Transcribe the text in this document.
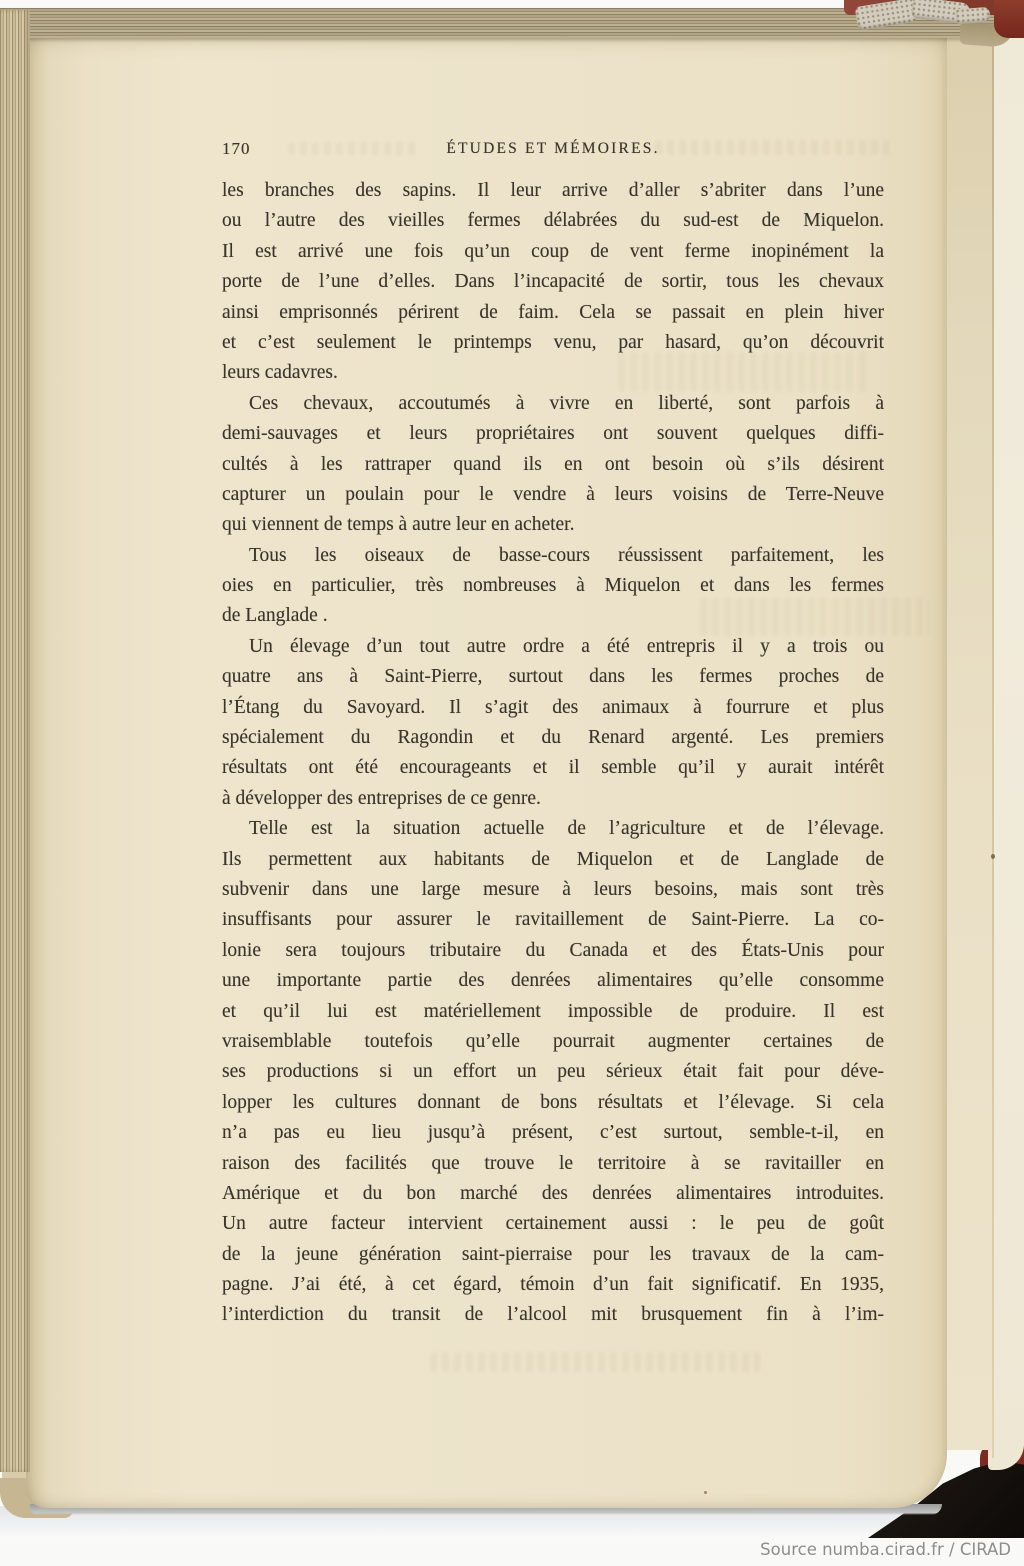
170	ÉTUDES ET MÉMOIRES.
les branches des sapins. Il leur arrive d’aller s’abriter dans l’une
ou l’autre des vieilles fermes délabrées du sud-est de Miquelon.
Il est arrivé une fois qu’un coup de vent ferme inopinément la
porte de l’une d’elles. Dans l’incapacité de sortir, tous les chevaux
ainsi emprisonnés périrent de faim. Cela se passait en plein hiver
et c’est seulement le printemps venu, par hasard, qu’on découvrit
leurs cadavres.
Ces chevaux, accoutumés à vivre en liberté, sont parfois à
demi-sauvages et leurs propriétaires ont souvent quelques diffi-
cultés à les rattraper quand ils en ont besoin où s’ils désirent
capturer un poulain pour le vendre à leurs voisins de Terre-Neuve
qui viennent de temps à autre leur en acheter.
Tous les oiseaux de basse-cours réussissent parfaitement, les
oies en particulier, très nombreuses à Miquelon et dans les fermes
de Langlade .
Un élevage d’un tout autre ordre a été entrepris il y a trois ou
quatre ans à Saint-Pierre, surtout dans les fermes proches de
l’Étang du Savoyard. Il s’agit des animaux à fourrure et plus
spécialement du Ragondin et du Renard argenté. Les premiers
résultats ont été encourageants et il semble qu’il y aurait intérêt
à développer des entreprises de ce genre.
Telle est la situation actuelle de l’agriculture et de l’élevage.
Ils permettent aux habitants de Miquelon et de Langlade de
subvenir dans une large mesure à leurs besoins, mais sont très
insuffisants pour assurer le ravitaillement de Saint-Pierre. La co-
lonie sera toujours tributaire du Canada et des États-Unis pour
une importante partie des denrées alimentaires qu’elle consomme
et qu’il lui est matériellement impossible de produire. Il est
vraisemblable toutefois qu’elle pourrait augmenter certaines de
ses productions si un effort un peu sérieux était fait pour déve-
lopper les cultures donnant de bons résultats et l’élevage. Si cela
n’a pas eu lieu jusqu’à présent, c’est surtout, semble-t-il, en
raison des facilités que trouve le territoire à se ravitailler en
Amérique et du bon marché des denrées alimentaires introduites.
Un autre facteur intervient certainement aussi : le peu de goût
de la jeune génération saint-pierraise pour les travaux de la cam-
pagne. J’ai été, à cet égard, témoin d’un fait significatif. En 1935,
l’interdiction du transit de l’alcool mit brusquement fin à l’im-
Source numba.cirad.fr / CIRAD
